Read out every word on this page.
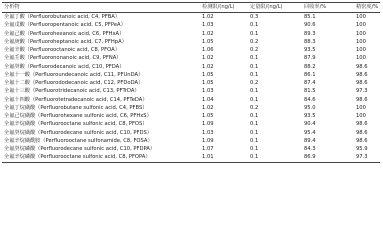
分析物	检测限/(ng/L)	定量限/(ng/L)	回收率/%	精密度/%
全氟丁酸（Perfluorobutanoic acid, C4, PFBA）	1.02	0.3	85.1	100
全氟戊酸（Perfluoropentanoic acid, C5, PFPeA）	1.03	0.1	90.6	100
全氟己酸（Perfluorohexanoic acid, C6, PFHxA）	1.02	0.1	89.3	100
全氟庚酸（Perfluoroheptanoic acid, C7, PFHpA）	1.05	0.2	88.3	100
全氟辛酸（Perfluorooctanoic acid, C8, PFOA）	1.06	0.2	93.5	100
全氟壬酸（Perfluorononanoic acid, C9, PFNA）	1.02	0.1	87.9	100
全氟癸酸（Perfluorodecanoic acid, C10, PFDA）	1.02	0.1	88.2	98.6
全氟十一酸（Perfluoroundecanoic acid, C11, PFUnDA）	1.05	0.1	86.1	98.6
全氟十二酸（Perfluorododecanoic acid, C12, PFDoDA）	1.05	0.2	87.4	98.6
全氟十三酸（Perfluorotridecanoic acid, C13, PFTrDA）	1.03	0.1	81.5	97.3
全氟十四酸（Perfluorotetradecanoic acid, C14, PFTeDA）	1.04	0.1	84.6	98.6
全氟丁烷磺酸（Perfluorobutane sulfonic acid, C4, PFBS）	1.02	0.2	95.0	100
全氟己烷磺酸（Perfluorohexane sulfonic acid, C6, PFHxS）	1.05	0.1	93.5	100
全氟辛烷磺酸（Perfluorooctane sulfonic acid, C8, PFOS）	1.09	0.1	90.4	98.6
全氟癸烷磺酸（Perfluorodecane sulfonic acid, C10, PFDS）	1.03	0.1	95.4	98.6
全氟辛烷磺酰胺（Perfluorooctane sulfonamide, C8, FOSA）	1.09	0.1	89.4	98.6
全氟癸烷磷酸（Perfluorodecane sulfonic acid, C10, PFDPA）	1.07	0.1	84.3	95.9
全氟辛烷磷酸（Perfluorooctane sulfonic acid, C8, PFOPA）	1.01	0.1	86.9	97.3
